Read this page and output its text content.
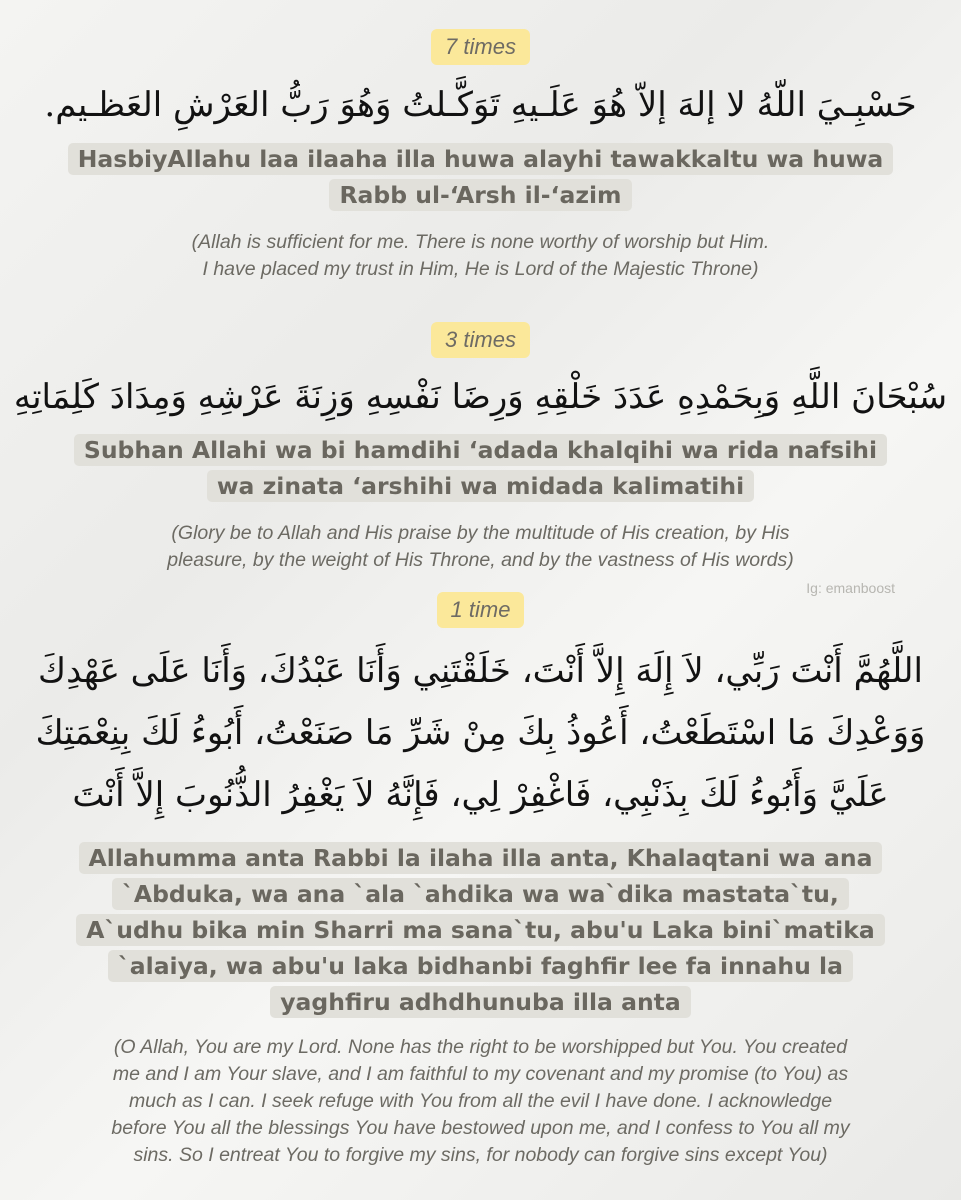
7 times
حَسْبِـيَ اللّهُ لا إلهَ إلاّ هُوَ عَلَـيهِ تَوَكَّـلتُ وَهُوَ رَبُّ العَرْشِ العَظـيم.
HasbiyAllahu laa ilaaha illa huwa alayhi tawakkaltu wa huwa Rabb ul-‘Arsh il-‘azim
(Allah is sufficient for me. There is none worthy of worship but Him.
I have placed my trust in Him, He is Lord of the Majestic Throne)
3 times
سُبْحَانَ اللَّهِ وَبِحَمْدِهِ عَدَدَ خَلْقِهِ وَرِضَا نَفْسِهِ وَزِنَةَ عَرْشِهِ وَمِدَادَ كَلِمَاتِهِ
Subhan Allahi wa bi hamdihi ‘adada khalqihi wa rida nafsihi wa zinata ‘arshihi wa midada kalimatihi
(Glory be to Allah and His praise by the multitude of His creation, by His
pleasure, by the weight of His Throne, and by the vastness of His words)
Ig: emanboost
1 time
اللَّهُمَّ أَنْتَ رَبِّي، لاَ إِلَهَ إِلاَّ أَنْتَ، خَلَقْتَنِي وَأَنَا عَبْدُكَ، وَأَنَا عَلَى عَهْدِكَ
وَوَعْدِكَ مَا اسْتَطَعْتُ، أَعُوذُ بِكَ مِنْ شَرِّ مَا صَنَعْتُ، أَبُوءُ لَكَ بِنِعْمَتِكَ
عَلَيَّ وَأَبُوءُ لَكَ بِذَنْبِي، فَاغْفِرْ لِي، فَإِنَّهُ لاَ يَغْفِرُ الذُّنُوبَ إِلاَّ أَنْتَ
Allahumma anta Rabbi la ilaha illa anta, Khalaqtani wa ana `Abduka, wa ana `ala `ahdika wa wa`dika mastata`tu, A`udhu bika min Sharri ma sana`tu, abu'u Laka bini`matika `alaiya, wa abu'u laka bidhanbi faghfir lee fa innahu la yaghfiru adhdhunuba illa anta
(O Allah, You are my Lord. None has the right to be worshipped but You. You created
me and I am Your slave, and I am faithful to my covenant and my promise (to You) as
much as I can. I seek refuge with You from all the evil I have done. I acknowledge
before You all the blessings You have bestowed upon me, and I confess to You all my
sins. So I entreat You to forgive my sins, for nobody can forgive sins except You)
